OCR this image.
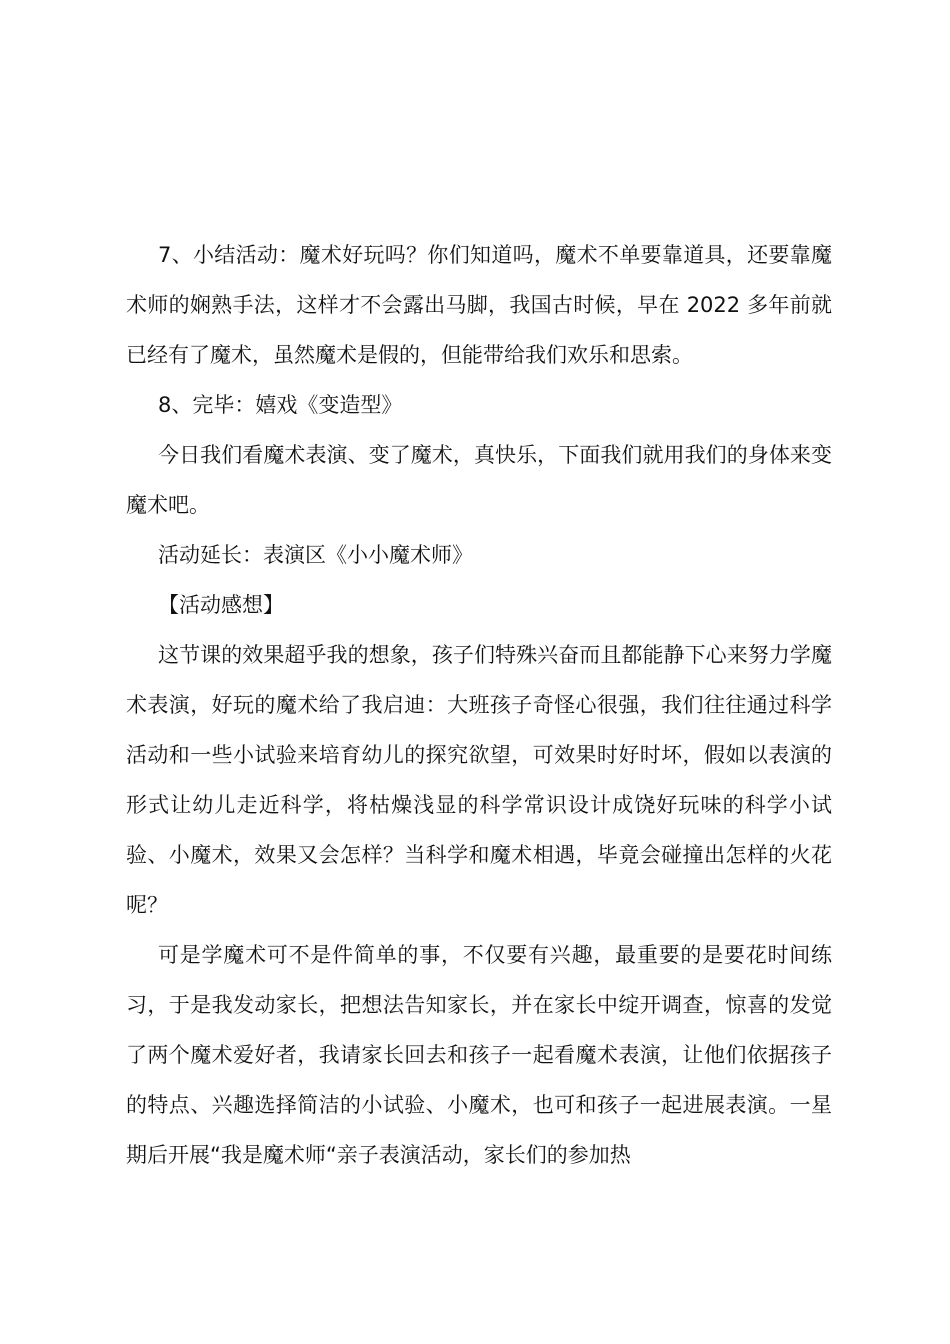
7、小结活动：魔术好玩吗？你们知道吗，魔术不单要靠道具，还要靠魔术师的娴熟手法，这样才不会露出马脚，我国古时候，早在 2022 多年前就已经有了魔术，虽然魔术是假的，但能带给我们欢乐和思索。

8、完毕：嬉戏《变造型》

今日我们看魔术表演、变了魔术，真快乐，下面我们就用我们的身体来变魔术吧。

活动延长：表演区《小小魔术师》

【活动感想】

这节课的效果超乎我的想象，孩子们特殊兴奋而且都能静下心来努力学魔术表演，好玩的魔术给了我启迪：大班孩子奇怪心很强，我们往往通过科学活动和一些小试验来培育幼儿的探究欲望，可效果时好时坏，假如以表演的形式让幼儿走近科学，将枯燥浅显的科学常识设计成饶好玩味的科学小试验、小魔术，效果又会怎样？当科学和魔术相遇，毕竟会碰撞出怎样的火花呢？

可是学魔术可不是件简单的事，不仅要有兴趣，最重要的是要花时间练习，于是我发动家长，把想法告知家长，并在家长中绽开调查，惊喜的发觉了两个魔术爱好者，我请家长回去和孩子一起看魔术表演，让他们依据孩子的特点、兴趣选择简洁的小试验、小魔术，也可和孩子一起进展表演。一星期后开展“我是魔术师“亲子表演活动，家长们的参加热
